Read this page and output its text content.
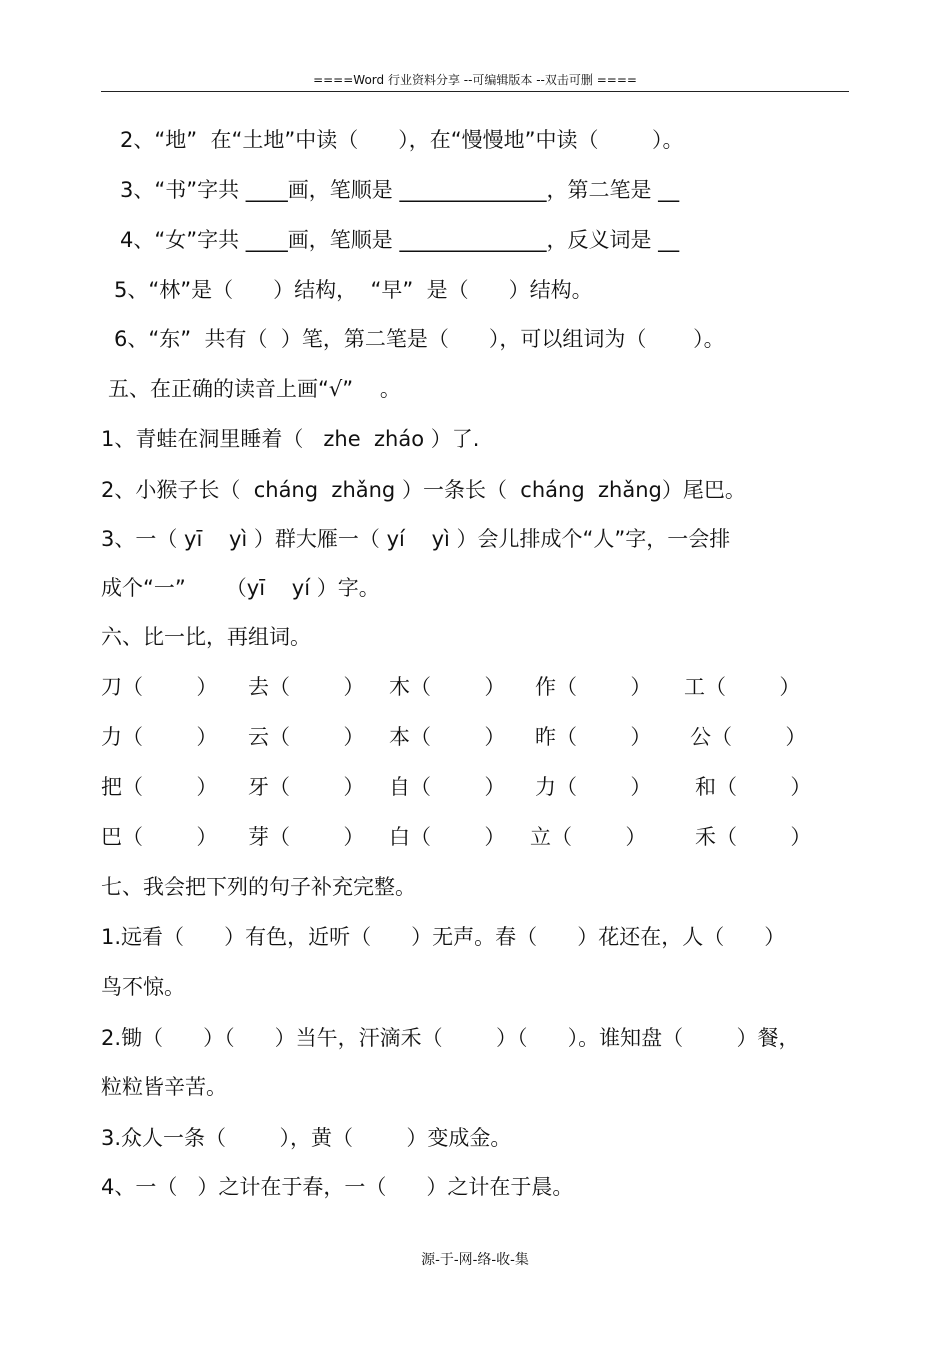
====Word 行业资料分享 --可编辑版本 --双击可删 ====
2、“地”  在“土地”中读（      ），在“慢慢地”中读（        ）。
3、“书”字共 ____画，笔顺是 ______________，第二笔是 __
4、“女”字共 ____画，笔顺是 ______________，反义词是 __
5、“林”是（      ）结构，  “早”  是（      ）结构。
6、“东”  共有（  ）笔，第二笔是（      ），可以组词为（       ）。
五、在正确的读音上画“√”    。
1、青蛙在洞里睡着（   zhe  zháo ）了.
2、小猴子长（  cháng  zhǎng ）一条长（  cháng  zhǎng）尾巴。
3、一（ yī    yì ）群大雁一（ yí    yì ）会儿排成个“人”字，一会排
成个“一”      （yī    yí ）字。
六、比一比，再组词。
刀（        ） 去（        ） 木（        ） 作（        ） 工（        ）
力（        ） 云（        ） 本（        ） 昨（        ） 公（        ）
把（        ） 牙（        ） 自（        ） 力（        ） 和（        ）
巴（        ） 芽（        ） 白（        ） 立（        ） 禾（        ）
七、我会把下列的句子补充完整。
1.远看（      ）有色，近听（      ）无声。春（      ）花还在，人（      ）
鸟不惊。
2.锄（      ）（      ）当午，汗滴禾（        ）（      ）。谁知盘（        ）餐，
粒粒皆辛苦。
3.众人一条（        ），黄（        ）变成金。
4、一（   ）之计在于春，一（      ）之计在于晨。
源-于-网-络-收-集
